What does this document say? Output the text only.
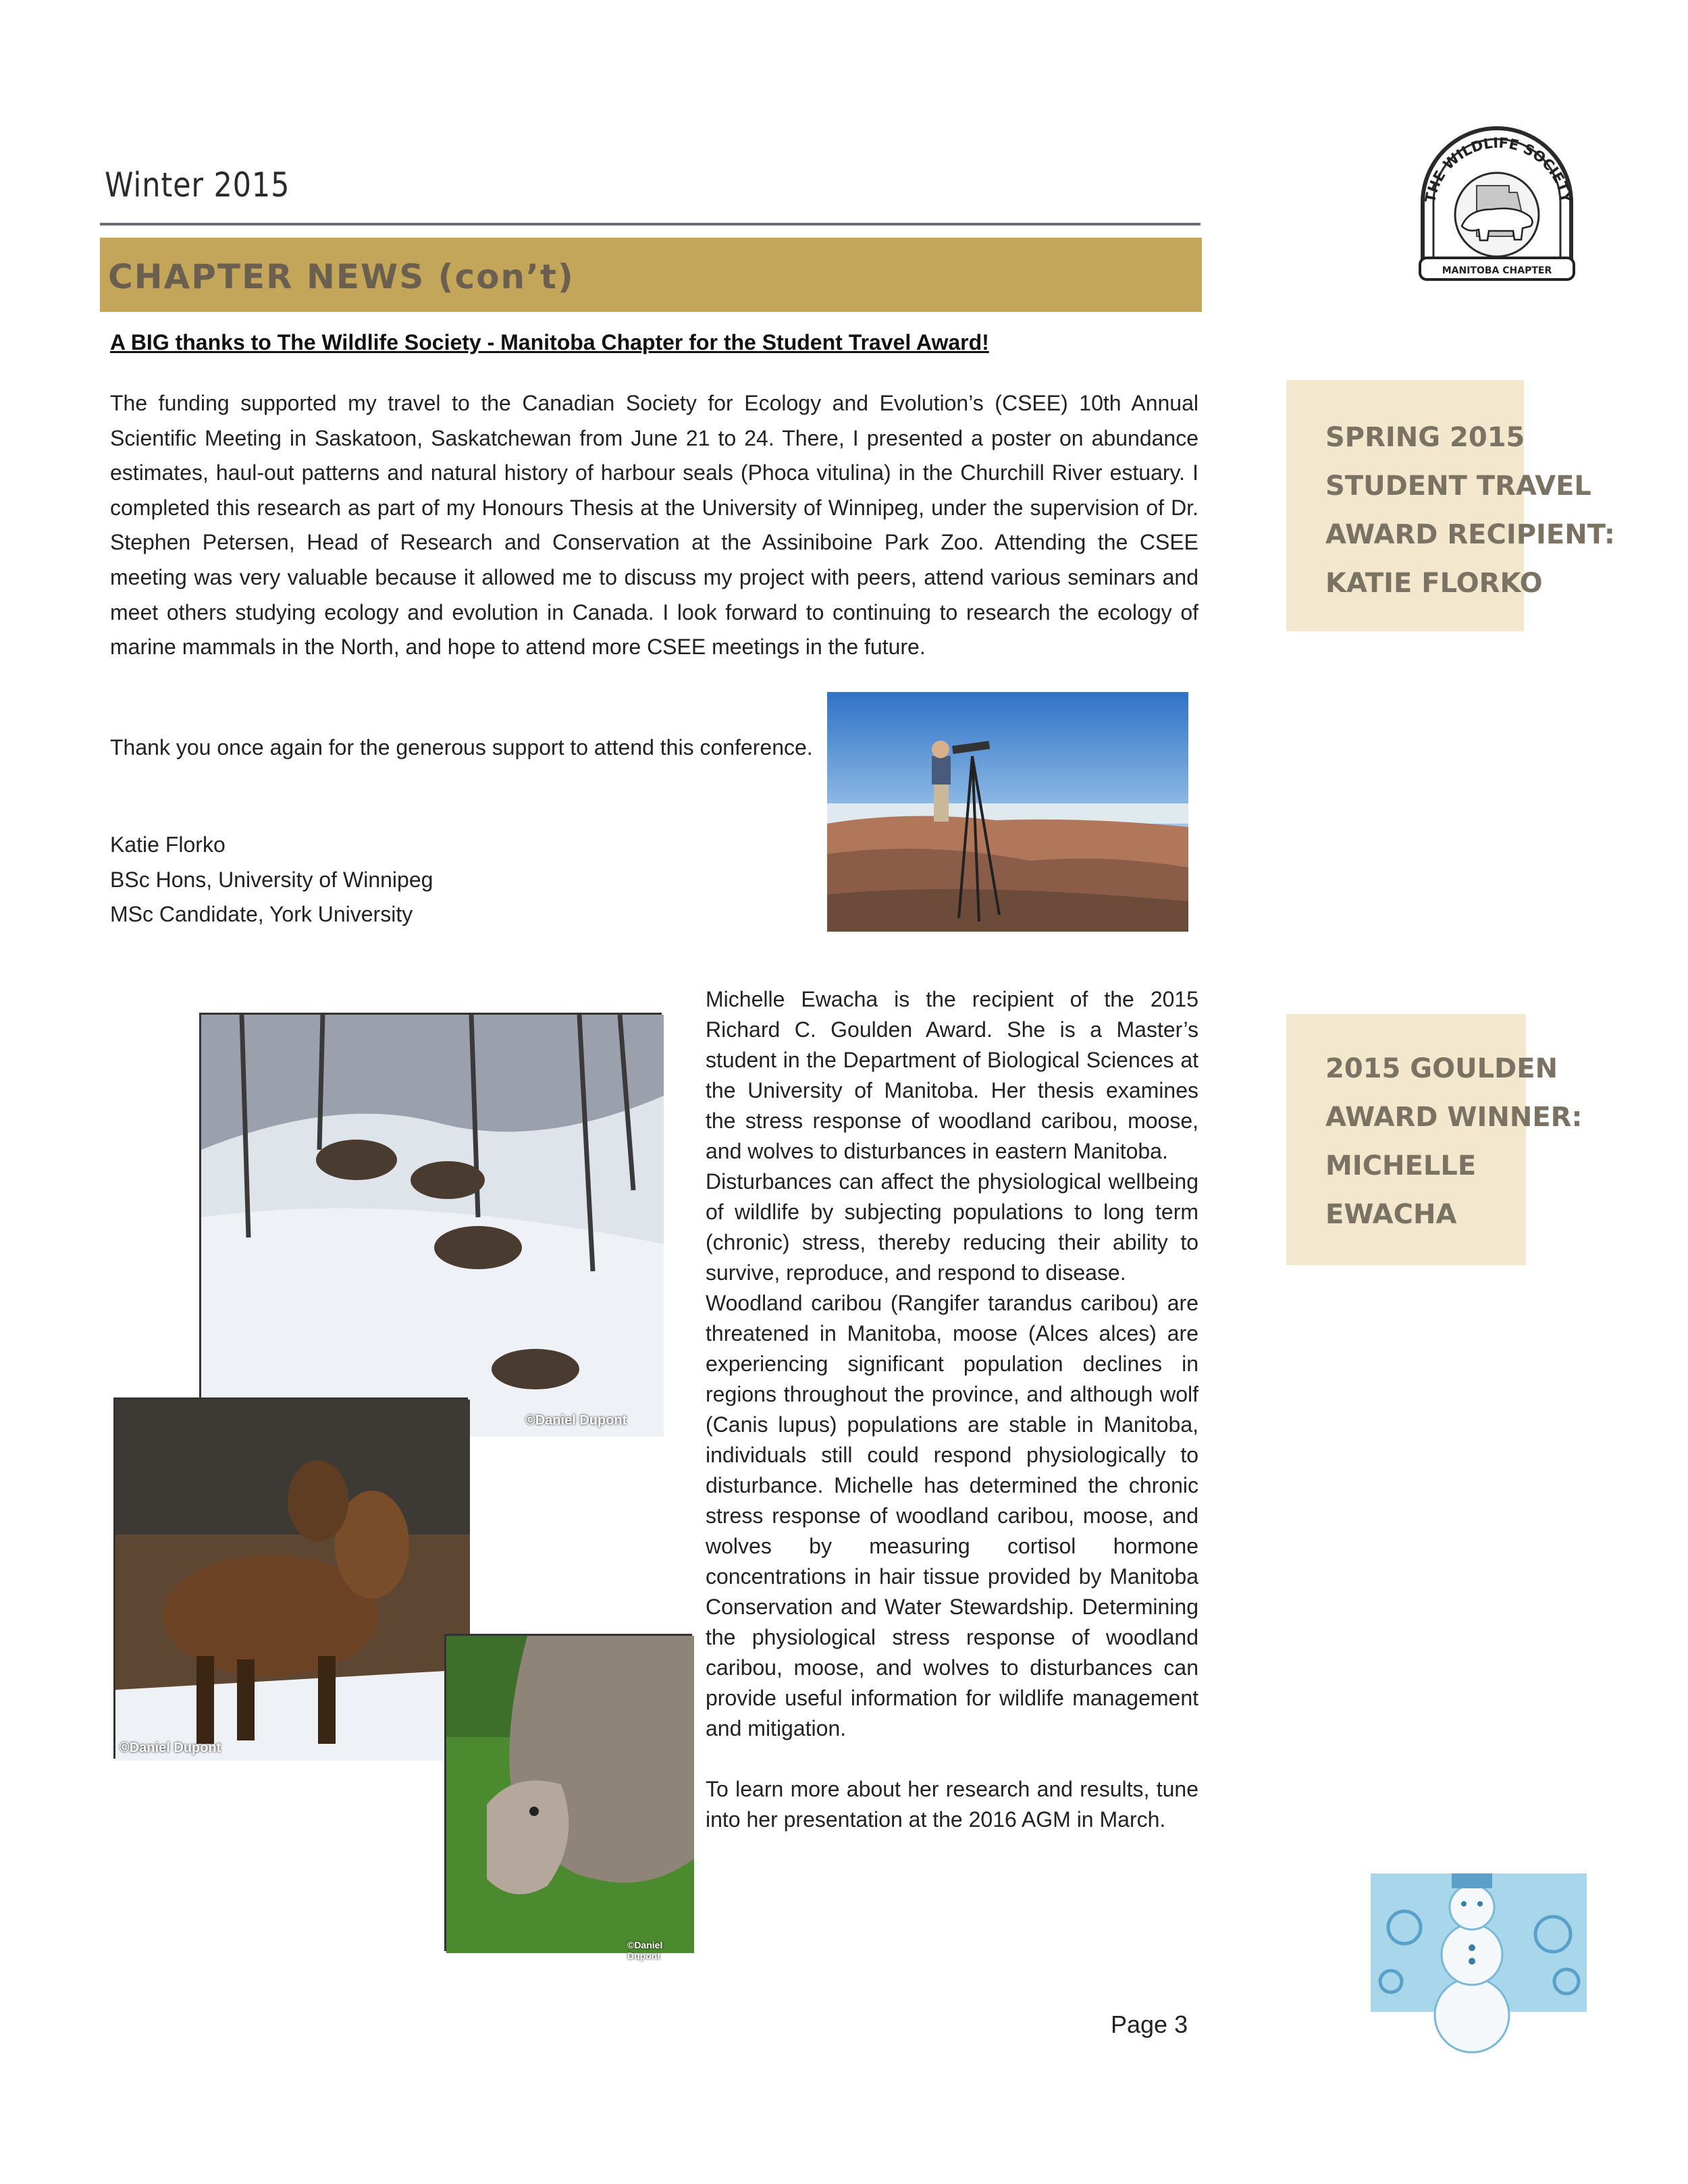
Winter 2015
CHAPTER NEWS (con’t)
THE WILDLIFE SOCIETY
MANITOBA CHAPTER
A BIG thanks to The Wildlife Society - Manitoba Chapter for the Student Travel Award!

The funding supported my travel to the Canadian Society for Ecology and Evolution’s (CSEE) 10th Annual Scientific Meeting in Saskatoon, Saskatchewan from June 21 to 24. There, I presented a poster on abundance estimates, haul-out patterns and natural history of harbour seals (Phoca vitulina) in the Churchill River estuary. I completed this research as part of my Honours Thesis at the University of Winnipeg, under the supervision of Dr. Stephen Petersen, Head of Research and Conservation at the Assiniboine Park Zoo. Attending the CSEE meeting was very valuable because it allowed me to discuss my project with peers, attend various seminars and meet others studying ecology and evolution in Canada. I look forward to continuing to research the ecology of marine mammals in the North, and hope to attend more CSEE meetings in the future.

Thank you once again for the generous support to attend this conference.

Katie Florko
BSc Hons, University of Winnipeg
MSc Candidate, York University
SPRING 2015
STUDENT TRAVEL
AWARD RECIPIENT:
KATIE FLORKO
2015 GOULDEN
AWARD WINNER:
MICHELLE
EWACHA
©Daniel Dupont
©Daniel Dupont
©Daniel Dupont

Michelle Ewacha is the recipient of the 2015 Richard C. Goulden Award. She is a Master’s student in the Department of Biological Sciences at the University of Manitoba. Her thesis examines the stress response of woodland caribou, moose, and wolves to disturbances in eastern Manitoba.

Disturbances can affect the physiological wellbeing of wildlife by subjecting populations to long term (chronic) stress, thereby reducing their ability to survive, reproduce, and respond to disease.

Woodland caribou (Rangifer tarandus caribou) are threatened in Manitoba, moose (Alces alces) are experiencing significant population declines in regions throughout the province, and although wolf (Canis lupus) populations are stable in Manitoba, individuals still could respond physiologically to disturbance. Michelle has determined the chronic stress response of woodland caribou, moose, and wolves by measuring cortisol hormone concentrations in hair tissue provided by Manitoba Conservation and Water Stewardship. Determining the physiological stress response of woodland caribou, moose, and wolves to disturbances can provide useful information for wildlife management and mitigation.

To learn more about her research and results, tune into her presentation at the 2016 AGM in March.

Page 3
